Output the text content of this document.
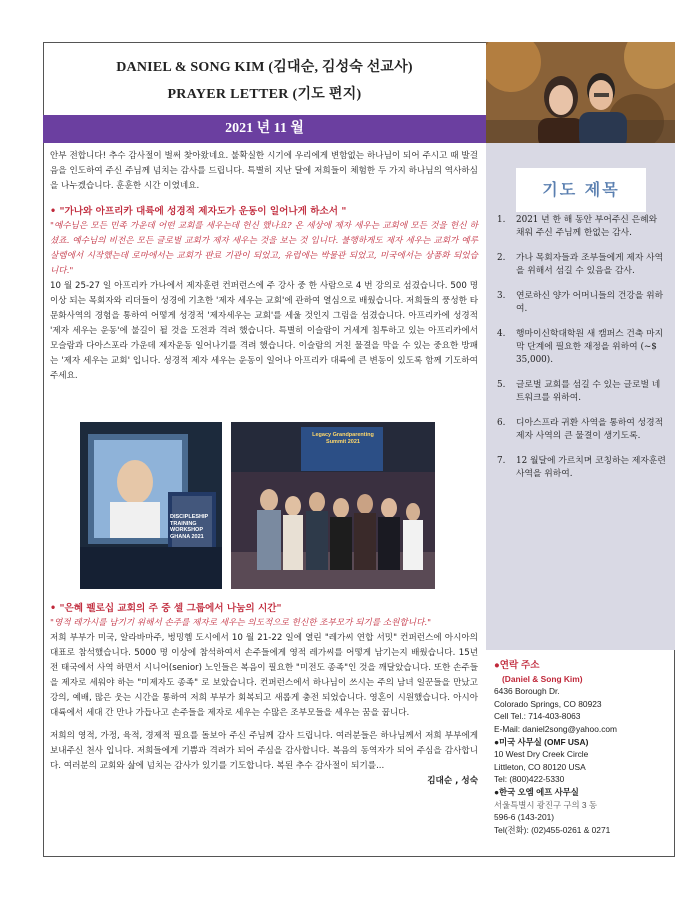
DANIEL & SONG KIM (김대순, 김성숙 선교사)
PRAYER LETTER (기도 편지)
2021 년 11 월

안부 전합니다! 추수 감사절이 벌써 찾아왔네요. 불확실한 시기에 우리에게 변함없는 하나님이 되어 주시고 때 발걸음을 인도하여 주신 주님께 넘치는 감사를 드립니다. 특별히 지난 달에 저희들이 체험한 두 가지 하나님의 역사하심을 나누겠습니다. 훈훈한 시간 이였네요.

• "가나와 아프리카 대륙에 성경적 제자도가 운동이 일어나게 하소서 "

"예수님은 모든 민족 가운데 어떤 교회를 세우는데 헌신 했나요? 온 세상에 제자 세우는 교회에 모든 것을 헌신 하셨죠. 예수님의 비전은 모든 글로벌 교회가 제자 세우는 것을 보는 것 입니다. 불행하게도 제자 세우는 교회가 예루살렘에서 시작했는데 로마에서는 교회가 판료 기관이 되었고, 유럽에는 박물관 되었고, 미국에서는 상품화 되었습니다."

10 월 25-27 일 아프리카 가나에서 제자훈련 컨퍼런스에 주 강사 중 한 사람으로 4 번 강의로 섬겼습니다. 500 명 이상 되는 목회자와 리더들이 성경에 기초한 '제자 세우는 교회'에 관하여 열심으로 배웠습니다. 저희들의 풍성한 타문화사역의 경험을 통하여 어떻게 성경적 '제자세우는 교회'를 세울 것인지 그림을 섬겼습니다. 아프리카에 성경적 '제자 세우는 운동'에 불길이 될 것을 도전과 격려 했습니다. 특별히 이슬람이 거세게 침투하고 있는 아프리카에서 모슬람과 다아스포라 가운데 제자운동 일어나기를 격려 했습니다. 이슬람의 거친 물결을 막을 수 있는 중요한 방패는 '제자 세우는 교회' 입니다. 성경적 제자 세우는 운동이 일어나 아프리카 대륙에 큰 변동이 있도록 함께 기도하여 주세요.

DISCIPLESHIP TRAINING WORKSHOP GHANA 2021
Legacy Grandparenting Summit 2021
• "은혜 펠로십 교회의 주 중 셀 그룹에서 나눔의 시간"

"영적 레가시를 남기기 위해서 손주를 제자로 세우는 의도적으로 헌신한 조부모가 되기를 소원합니다."

저희 부부가 미국, 알라바마주, 벙밍헴 도시에서 10 월 21-22 일에 열린 "레가씨 연합 서밋" 컨퍼런스에 아시아의 대표로 참석했습니다. 5000 명 이상에 참석하여서 손주들에게 영적 레가씨를 어떻게 남기는지 배웠습니다. 15년 전 태국에서 사역 하면서 시니어(senior) 노인들은 복음이 필요한 "미전도 종족"인 것을 깨달았습니다. 또한 손주들을 제자로 세워야 하는 "미제자도 종족" 로 보았습니다. 컨퍼런스에서 하나님이 쓰시는 주의 남녀 일꾼들을 만났고 강의, 예배, 많은 웃는 시간을 통하여 저희 부부가 회복되고 새롭게 충전 되었습니다. 영혼이 시원했습니다. 아시아 대륙에서 세대 간 만나 가듭나고 손주들을 제자로 세우는 수많은 조부모들을 세우는 꿈을 꿉니다.

저희의 영적, 가정, 육적, 경제적 필요를 돌보아 주신 주님께 감사 드립니다. 여러분들은 하나님께서 저희 부부에게 보내주신 천사 입니다. 저희들에게 기쁨과 격려가 되어 주심을 감사합니다. 복음의 동역자가 되어 주심을 감사합니다. 여러분의 교회와 삶에 넘치는 감사가 있기를 기도합니다. 복된 추수 감사절이 되기를...

김대순 , 성숙

기도 제목
1.	2021 년 한 해 동안 부어주신 은혜와 채워 주신 주님께 한없는 감사.
2.	가나 목회자들과 조부들에게 제자 사역을 위해서 섬길 수 있음을 감사.
3.	연로하신 양가 어머니들의 건강을 위하여.
4.	행마이신학대학원 새 캠퍼스 건축 마지막 단계에 필요한 재정을 위하여 (~$ 35,000).
5.	글로벌 교회를 섬길 수 있는 글로벌 네트워크를 위하여.
6.	디아스프라 귀환 사역을 통하여 성경적 제자 사역의 큰 물결이 생기도록.
7.	12 월달에 가르치며 코칭하는 제자훈련 사역을 위하여.
●연락 주소
(Daniel & Song Kim)
6436 Borough Dr.
Colorado Springs, CO 80923
Cell Tel.: 714-403-8063
E-Mail: daniel2song@yahoo.com
●미국 사무실 (OMF USA)
10 West Dry Creek Circle
Littleton, CO 80120 USA
Tel: (800)422-5330
●한국 오엠 에프 사무실
서울특별시 광진구 구의 3 동
596-6 (143-201)
Tel(전화): (02)455-0261 & 0271
